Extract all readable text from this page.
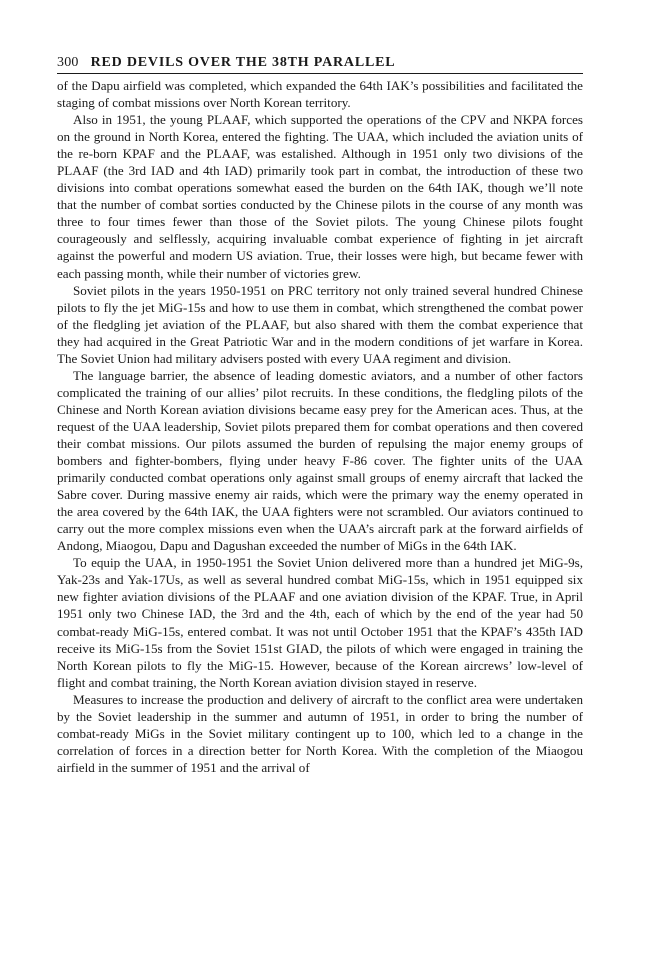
300 RED DEVILS OVER THE 38TH PARALLEL

of the Dapu airfield was completed, which expanded the 64th IAK’s possibilities and facilitated the staging of combat missions over North Korean territory.

Also in 1951, the young PLAAF, which supported the operations of the CPV and NKPA forces on the ground in North Korea, entered the fighting. The UAA, which included the aviation units of the re-born KPAF and the PLAAF, was estalished. Although in 1951 only two divisions of the PLAAF (the 3rd IAD and 4th IAD) primarily took part in combat, the introduction of these two divisions into combat operations somewhat eased the burden on the 64th IAK, though we’ll note that the number of combat sorties conducted by the Chinese pilots in the course of any month was three to four times fewer than those of the Soviet pilots. The young Chinese pilots fought courageously and selflessly, acquiring invaluable combat experience of fighting in jet aircraft against the powerful and modern US aviation. True, their losses were high, but became fewer with each passing month, while their number of victories grew.

Soviet pilots in the years 1950-1951 on PRC territory not only trained several hundred Chinese pilots to fly the jet MiG-15s and how to use them in combat, which strengthened the combat power of the fledgling jet aviation of the PLAAF, but also shared with them the combat experience that they had acquired in the Great Patriotic War and in the modern conditions of jet warfare in Korea. The Soviet Union had military advisers posted with every UAA regiment and division.

The language barrier, the absence of leading domestic aviators, and a number of other factors complicated the training of our allies’ pilot recruits. In these conditions, the fledgling pilots of the Chinese and North Korean aviation divisions became easy prey for the American aces. Thus, at the request of the UAA leadership, Soviet pilots prepared them for combat operations and then covered their combat missions. Our pilots assumed the burden of repulsing the major enemy groups of bombers and fighter-bombers, flying under heavy F-86 cover. The fighter units of the UAA primarily conducted combat operations only against small groups of enemy aircraft that lacked the Sabre cover. During massive enemy air raids, which were the primary way the enemy operated in the area covered by the 64th IAK, the UAA fighters were not scrambled. Our aviators continued to carry out the more complex missions even when the UAA’s aircraft park at the forward airfields of Andong, Miaogou, Dapu and Dagushan exceeded the number of MiGs in the 64th IAK.

To equip the UAA, in 1950-1951 the Soviet Union delivered more than a hundred jet MiG-9s, Yak-23s and Yak-17Us, as well as several hundred combat MiG-15s, which in 1951 equipped six new fighter aviation divisions of the PLAAF and one aviation division of the KPAF. True, in April 1951 only two Chinese IAD, the 3rd and the 4th, each of which by the end of the year had 50 combat-ready MiG-15s, entered combat. It was not until October 1951 that the KPAF’s 435th IAD receive its MiG-15s from the Soviet 151st GIAD, the pilots of which were engaged in training the North Korean pilots to fly the MiG-15. However, because of the Korean aircrews’ low-level of flight and combat training, the North Korean aviation division stayed in reserve.

Measures to increase the production and delivery of aircraft to the conflict area were undertaken by the Soviet leadership in the summer and autumn of 1951, in order to bring the number of combat-ready MiGs in the Soviet military contingent up to 100, which led to a change in the correlation of forces in a direction better for North Korea. With the completion of the Miaogou airfield in the summer of 1951 and the arrival of
